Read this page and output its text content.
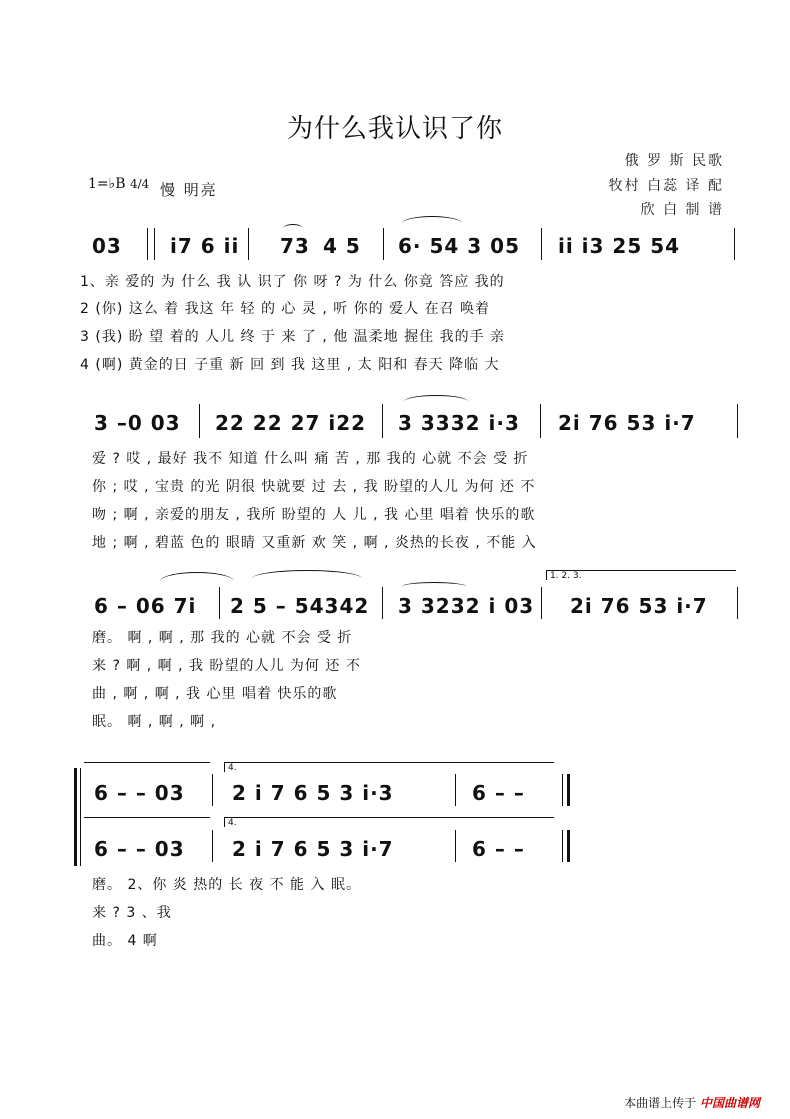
为什么我认识了你
俄 罗 斯 民歌
牧村 白蕊 译 配
欣 白 制 谱
1=♭B 4/4 慢 明亮
03 i7 6 ii 73 4 5 6· 54 3 05 ii i3 25 54
1、亲 爱的 为 什么 我 认 识了 你 呀 ? 为 什么 你竟 答应 我的
2 (你) 这么 着 我这 年 轻 的 心 灵 , 听 你的 爱人 在召 唤着
3 (我) 盼 望 着的 人儿 终 于 来 了 , 他 温柔地 握住 我的手 亲
4 (啊) 黄金的日 子重 新 回 到 我 这里 , 太 阳和 春天 降临 大
3 –0 03 22 22 27 i22 3 3332 i·3 2i 76 53 i·7
爱 ? 哎 , 最好 我不 知道 什么叫 痛 苦 , 那 我的 心就 不会 受 折
你 ; 哎 , 宝贵 的光 阴很 快就要 过 去 , 我 盼望的人儿 为何 还 不
吻 ; 啊 , 亲爱的朋友 , 我所 盼望的 人 儿 , 我 心里 唱着 快乐的歌
地 ; 啊 , 碧蓝 色的 眼睛 又重新 欢 笑 , 啊 , 炎热的长夜 , 不能 入
1. 2. 3.
6 – 06 7i 2 5 – 54342 3 3232 i 03 2i 76 53 i·7
磨。 啊 , 啊 , 那 我的 心就 不会 受 折
来 ? 啊 , 啊 , 我 盼望的人儿 为何 还 不
曲 , 啊 , 啊 , 我 心里 唱着 快乐的歌
眠。 啊 , 啊 , 啊 ,
4.
4.
6 – – 03 2 i 7 6 5 3 i·3	6 – –
6 – – 03 2 i 7 6 5 3 i·7	6 – –
磨。 2、你 炎 热的 长 夜 不 能 入 眠。
来 ? 3 、我
曲。 4 啊
本曲谱上传于 中国曲谱网
